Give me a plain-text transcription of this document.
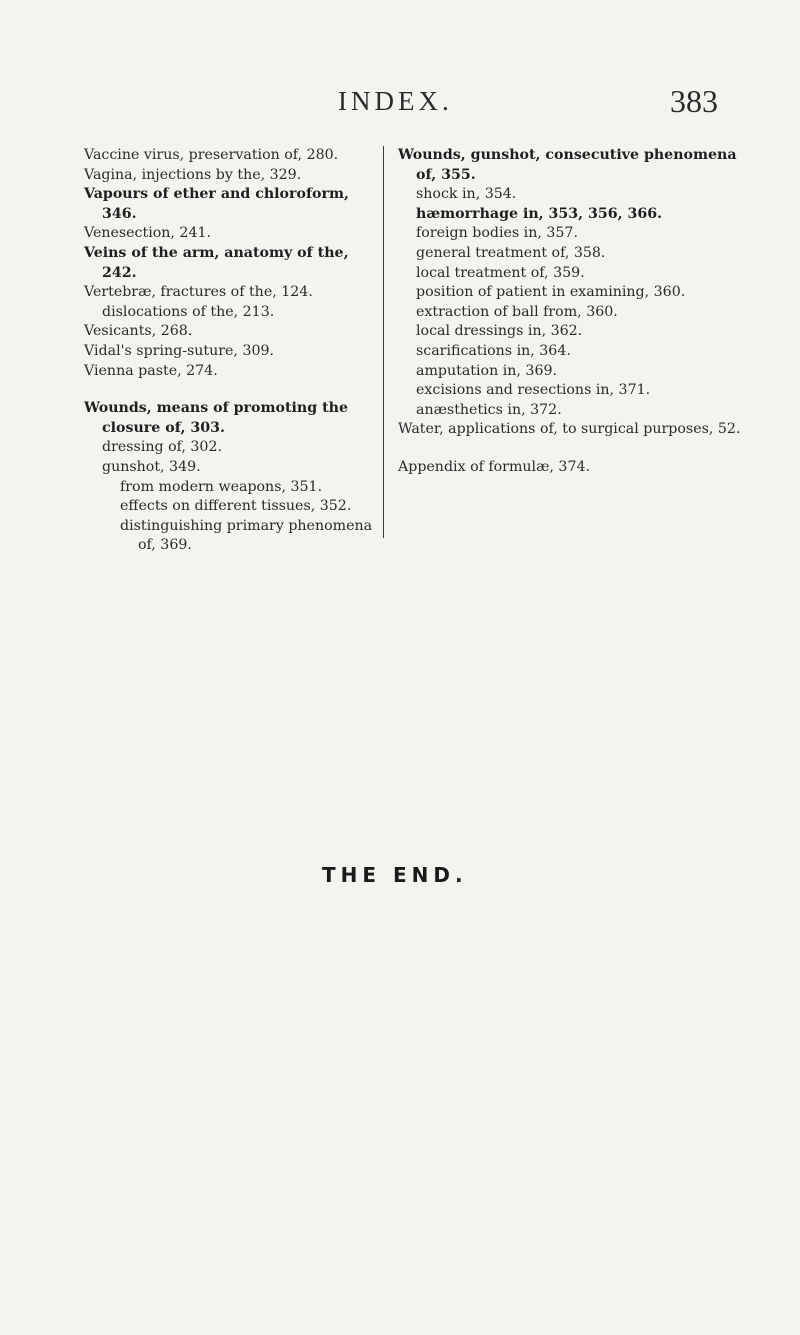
INDEX.	383

Vaccine virus, preservation of, 280.

Vagina, injections by the, 329.

Vapours of ether and chloroform, 346.

Venesection, 241.

Veins of the arm, anatomy of the, 242.

Vertebræ, fractures of the, 124.

dislocations of the, 213.

Vesicants, 268.

Vidal's spring-suture, 309.

Vienna paste, 274.

Wounds, means of promoting the closure of, 303.

dressing of, 302.

gunshot, 349.

from modern weapons, 351.

effects on different tissues, 352.

distinguishing primary phenomena of, 369.

Wounds, gunshot, consecutive phenomena of, 355.

shock in, 354.

hæmorrhage in, 353, 356, 366.

foreign bodies in, 357.

general treatment of, 358.

local treatment of, 359.

position of patient in examining, 360.

extraction of ball from, 360.

local dressings in, 362.

scarifications in, 364.

amputation in, 369.

excisions and resections in, 371.

anæsthetics in, 372.

Water, applications of, to surgical purposes, 52.

Appendix of formulæ, 374.

THE END.
